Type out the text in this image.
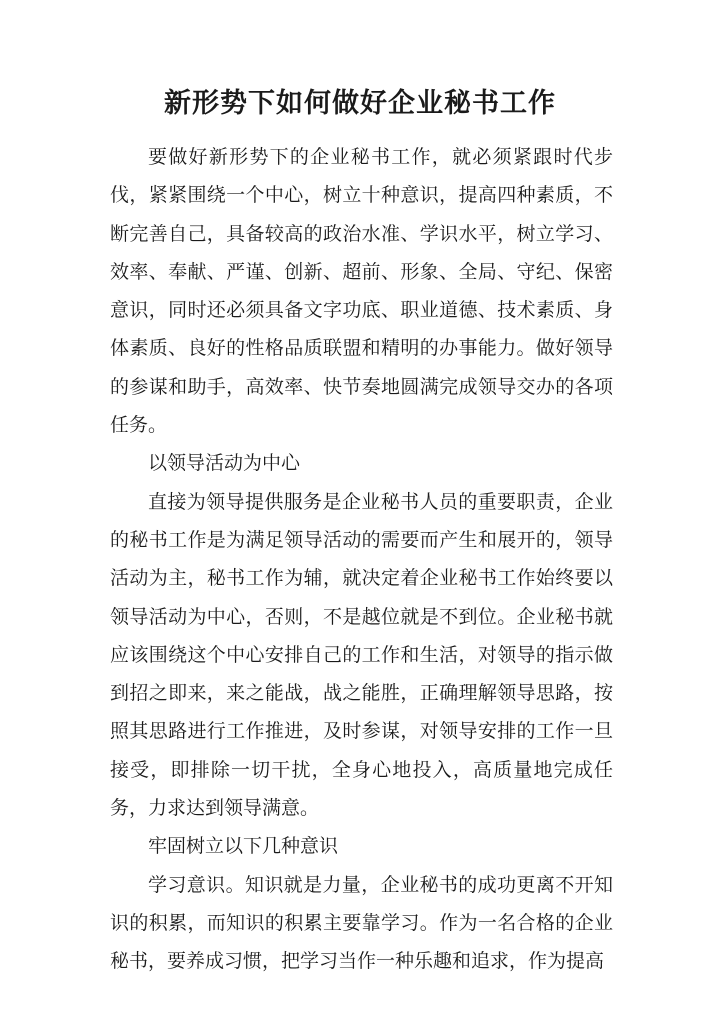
新形势下如何做好企业秘书工作

要做好新形势下的企业秘书工作，就必须紧跟时代步伐，紧紧围绕一个中心，树立十种意识，提高四种素质，不断完善自己，具备较高的政治水准、学识水平，树立学习、效率、奉献、严谨、创新、超前、形象、全局、守纪、保密意识，同时还必须具备文字功底、职业道德、技术素质、身体素质、良好的性格品质联盟和精明的办事能力。做好领导的参谋和助手，高效率、快节奏地圆满完成领导交办的各项任务。

以领导活动为中心

直接为领导提供服务是企业秘书人员的重要职责，企业的秘书工作是为满足领导活动的需要而产生和展开的，领导活动为主，秘书工作为辅，就决定着企业秘书工作始终要以领导活动为中心，否则，不是越位就是不到位。企业秘书就应该围绕这个中心安排自己的工作和生活，对领导的指示做到招之即来，来之能战，战之能胜，正确理解领导思路，按照其思路进行工作推进，及时参谋，对领导安排的工作一旦接受，即排除一切干扰，全身心地投入，高质量地完成任务，力求达到领导满意。

牢固树立以下几种意识

学习意识。知识就是力量，企业秘书的成功更离不开知识的积累，而知识的积累主要靠学习。作为一名合格的企业秘书，要养成习惯，把学习当作一种乐趣和追求，作为提高
